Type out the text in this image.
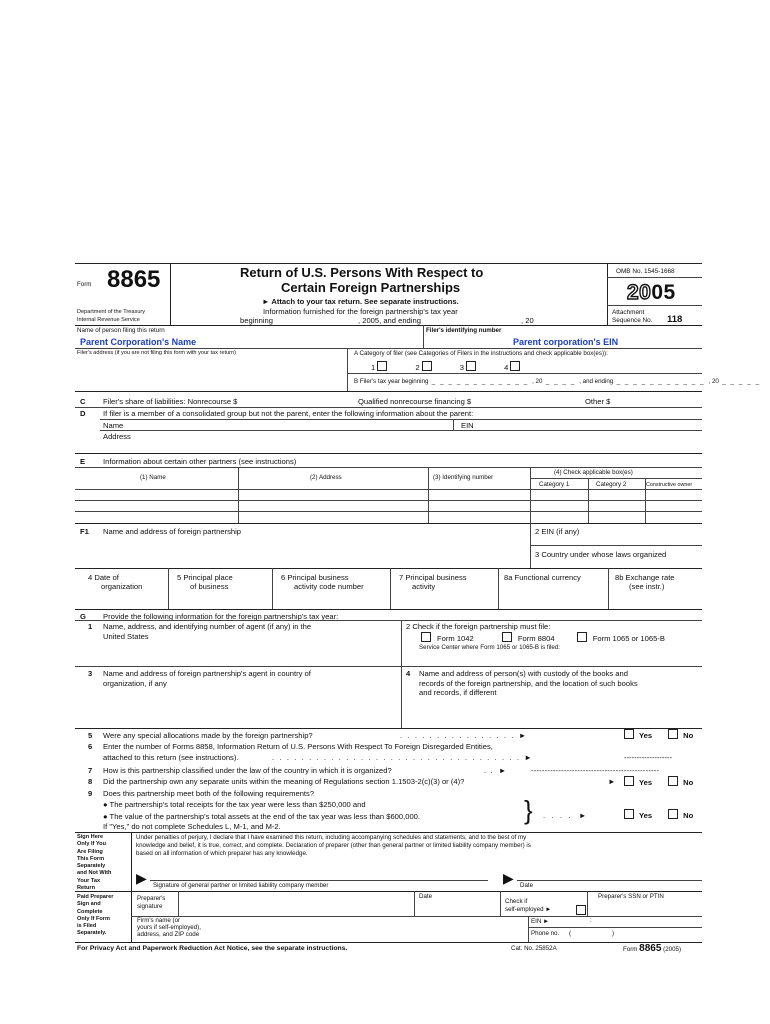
Form 8865
Department of the Treasury
Internal Revenue Service
Return of U.S. Persons With Respect to
Certain Foreign Partnerships
► Attach to your tax return. See separate instructions.
Information furnished for the foreign partnership's tax year
beginning	, 2005, and ending	, 20
OMB No. 1545-1668
2005
Attachment
Sequence No. 118
Name of person filing this return	Filer's identifying number
Parent Corporation's Name	Parent corporation's EIN
Filer's address (if you are not filing this form with your tax return)	A Category of filer (see Categories of Filers in the instructions and check applicable box(es)):
1	2	3	4
B Filer's tax year beginning _ _ _ _ _ _ _ _ _ _ _ _ , 20 _ _ _ _ , and ending _ _ _ _ _ _ _ _ _ _ _ , 20 _ _ _ _ _
C Filer's share of liabilities: Nonrecourse $	Qualified nonrecourse financing $	Other $
D If filer is a member of a consolidated group but not the parent, enter the following information about the parent:
Name	EIN
Address
E Information about certain other partners (see instructions)
(1) Name	(2) Address	(3) Identifying number
(4) Check applicable box(es)
Category 1	Category 2	Constructive owner
F1 Name and address of foreign partnership	2 EIN (if any)
3 Country under whose laws organized
4 Date of
organization
5 Principal place
of business
6 Principal business
activity code number
7 Principal business
activity
8a Functional currency	8b Exchange rate
(see instr.)
G Provide the following information for the foreign partnership's tax year:
1 Name, address, and identifying number of agent (if any) in the
United States
2 Check if the foreign partnership must file:
Form 1042	Form 8804	Form 1065 or 1065-B
Service Center where Form 1065 or 1065-B is filed:
3 Name and address of foreign partnership's agent in country of
organization, if any
4 Name and address of person(s) with custody of the books and
records of the foreign partnership, and the location of such books
and records, if different
5 Were any special allocations made by the foreign partnership?	. . . . . . . . . . . . . . . . ►	Yes	No
6 Enter the number of Forms 8858, Information Return of U.S. Persons With Respect To Foreign Disregarded Entities,
attached to this return (see instructions).	. . . . . . . . . . . . . . . . . . . . . . . . . . . . . . . . . . ►	-------------------
7 How is this partnership classified under the law of the country in which it is organized?	.  .   ►	-----------------------------------------------
8 Did the partnership own any separate units within the meaning of Regulations section 1.1503-2(c)(3) or (4)?	►	Yes	No
9 Does this partnership meet both of the following requirements?
● The partnership's total receipts for the tax year were less than $250,000 and
● The value of the partnership's total assets at the end of the tax year was less than $600,000.
If "Yes," do not complete Schedules L, M-1, and M-2.
} .   .   .   .    ►	Yes	No
Sign Here
Only If You
Are Filing
This Form
Separately
and Not With
Your Tax
Return
Under penalties of perjury, I declare that I have examined this return, including accompanying schedules and statements, and to the best of my
knowledge and belief, it is true, correct, and complete. Declaration of preparer (other than general partner or limited liability company member) is
based on all information of which preparer has any knowledge.
▶ Signature of general partner or limited liability company member	▶ Date
Paid Preparer
Sign and
Complete
Only If Form
is Filed
Separately.
Preparer's
signature
Date
Check if
self-employed ►
Preparer's SSN or PTIN
Firm's name (or
yours if self-employed),
address, and ZIP code
EIN ►	:
Phone no. (	)
For Privacy Act and Paperwork Reduction Act Notice, see the separate instructions.	Cat. No. 25852A	Form 8865 (2005)
